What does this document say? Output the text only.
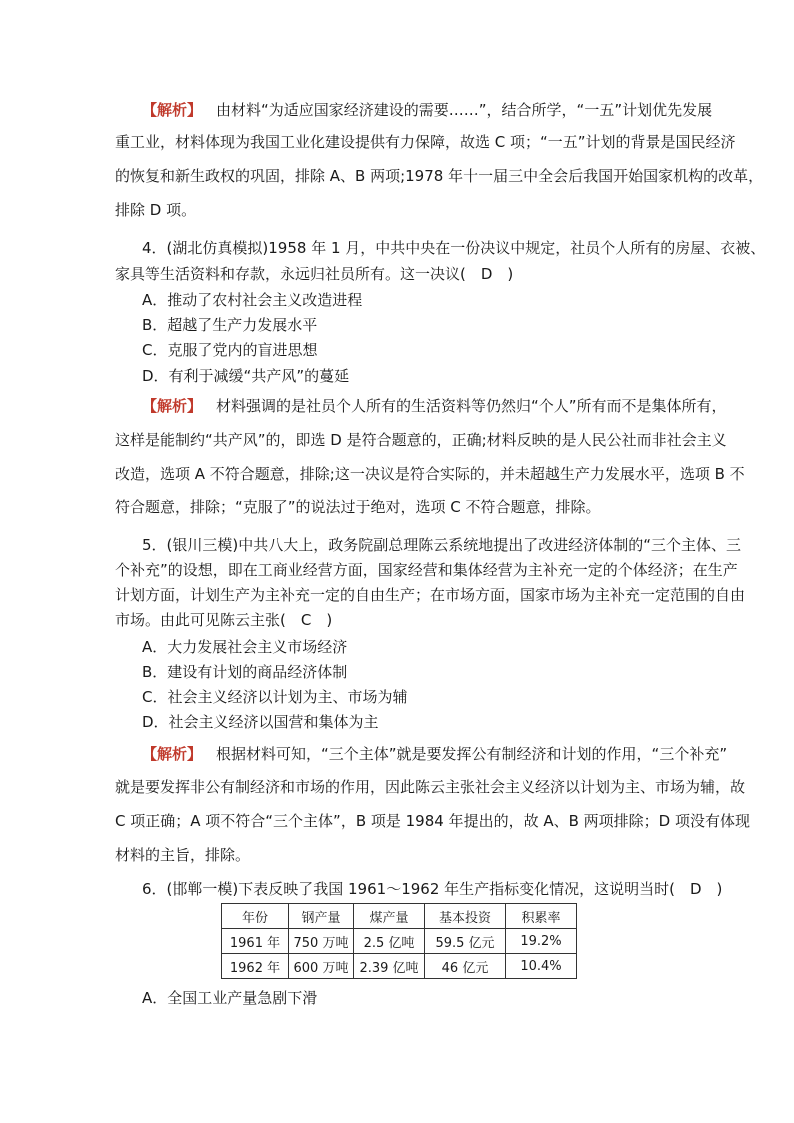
【解析】 由材料“为适应国家经济建设的需要……”，结合所学，“一五”计划优先发展
重工业，材料体现为我国工业化建设提供有力保障，故选 C 项；“一五”计划的背景是国民经济
的恢复和新生政权的巩固，排除 A、B 两项;1978 年十一届三中全会后我国开始国家机构的改革，
排除 D 项。
4．(湖北仿真模拟)1958 年 1 月，中共中央在一份决议中规定，社员个人所有的房屋、衣被、
家具等生活资料和存款，永远归社员所有。这一决议(　D　)
A．推动了农村社会主义改造进程
B．超越了生产力发展水平
C．克服了党内的盲进思想
D．有利于减缓“共产风”的蔓延
【解析】 材料强调的是社员个人所有的生活资料等仍然归“个人”所有而不是集体所有，
这样是能制约“共产风”的，即选 D 是符合题意的，正确;材料反映的是人民公社而非社会主义
改造，选项 A 不符合题意，排除;这一决议是符合实际的，并未超越生产力发展水平，选项 B 不
符合题意，排除；“克服了”的说法过于绝对，选项 C 不符合题意，排除。
5．(银川三模)中共八大上，政务院副总理陈云系统地提出了改进经济体制的“三个主体、三
个补充”的设想，即在工商业经营方面，国家经营和集体经营为主补充一定的个体经济；在生产
计划方面，计划生产为主补充一定的自由生产；在市场方面，国家市场为主补充一定范围的自由
市场。由此可见陈云主张(　C　)
A．大力发展社会主义市场经济
B．建设有计划的商品经济体制
C．社会主义经济以计划为主、市场为辅
D．社会主义经济以国营和集体为主
【解析】 根据材料可知，“三个主体”就是要发挥公有制经济和计划的作用，“三个补充”
就是要发挥非公有制经济和市场的作用，因此陈云主张社会主义经济以计划为主、市场为辅，故
C 项正确；A 项不符合“三个主体”，B 项是 1984 年提出的，故 A、B 两项排除；D 项没有体现
材料的主旨，排除。
6．(邯郸一模)下表反映了我国 1961～1962 年生产指标变化情况，这说明当时(　D　)
年份	钢产量	煤产量	基本投资	积累率
1961 年	750 万吨	2.5 亿吨	59.5 亿元	19.2%
1962 年	600 万吨	2.39 亿吨	46 亿元	10.4%
A．全国工业产量急剧下滑
